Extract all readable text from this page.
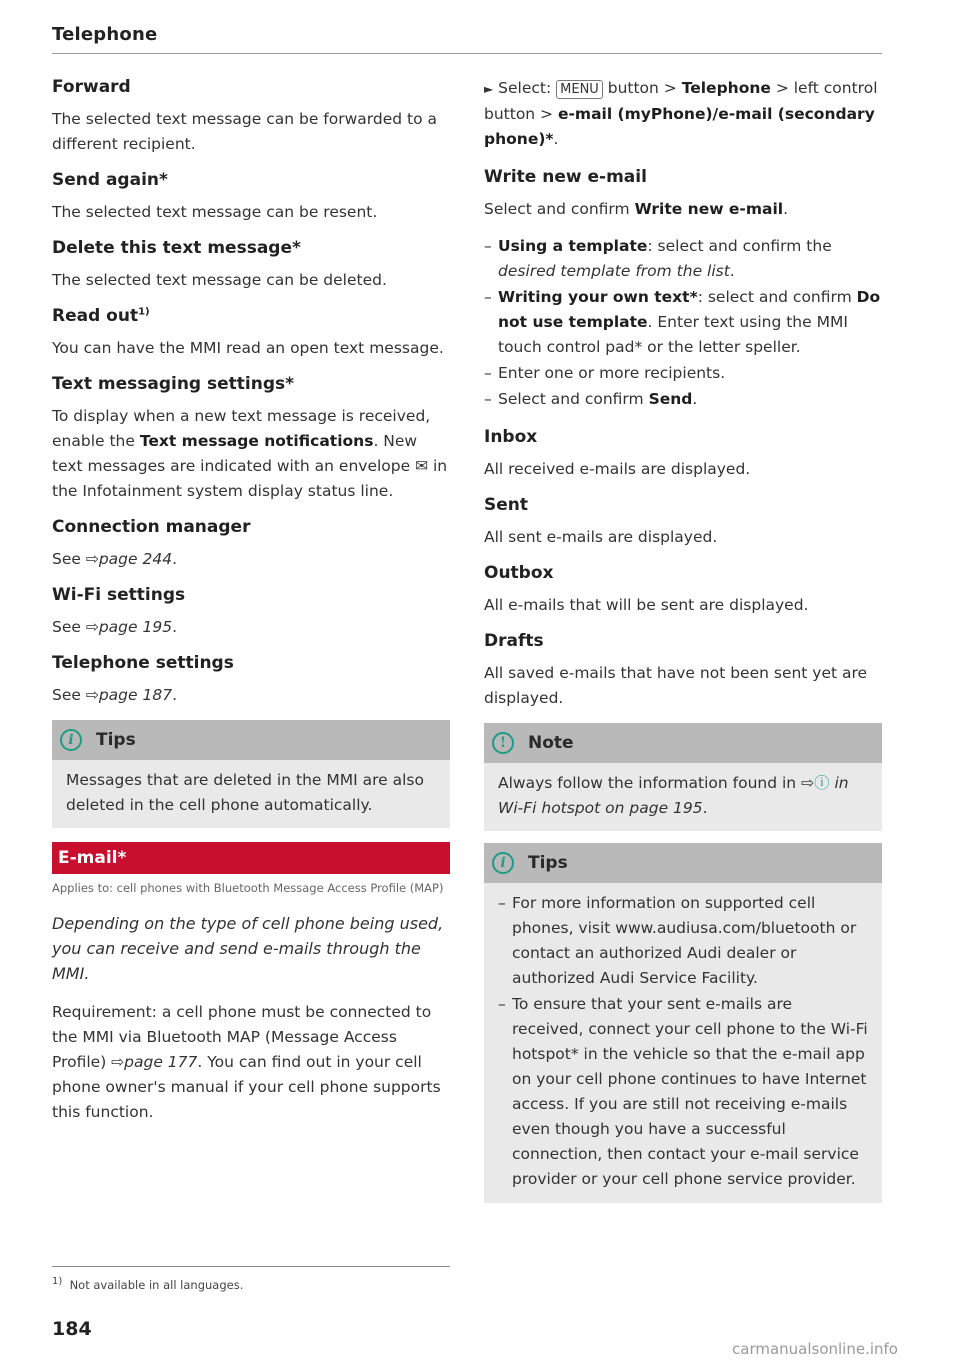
Telephone
Forward

The selected text message can be forwarded to a different recipient.

Send again*

The selected text message can be resent.

Delete this text message*

The selected text message can be deleted.

Read out$^{1)}$

You can have the MMI read an open text message.

Text messaging settings*

To display when a new text message is received, enable the Text message notifications. New text messages are indicated with an envelope ✉ in the Infotainment system display status line.

Connection manager

See ⇨page 244.

Wi-Fi settings

See ⇨page 195.

Telephone settings

See ⇨page 187.

i	Tips
Messages that are deleted in the MMI are also deleted in the cell phone automatically.
E-mail*
Applies to: cell phones with Bluetooth Message Access Profile (MAP)
Depending on the type of cell phone being used, you can receive and send e-mails through the MMI.

Requirement: a cell phone must be connected to the MMI via Bluetooth MAP (Message Access Profile) ⇨page 177. You can find out in your cell phone owner's manual if your cell phone supports this function.

► Select: MENU button > Telephone > left control button > e-mail (myPhone)/e-mail (secondary phone)*.

Write new e-mail

Select and confirm Write new e-mail.

– Using a template: select and confirm the desired template from the list.
– Writing your own text*: select and confirm Do not use template. Enter text using the MMI touch control pad* or the letter speller.
– Enter one or more recipients.
– Select and confirm Send.
Inbox

All received e-mails are displayed.

Sent

All sent e-mails are displayed.

Outbox

All e-mails that will be sent are displayed.

Drafts

All saved e-mails that have not been sent yet are displayed.

!	Note
Always follow the information found in ⇨ⓘ in Wi-Fi hotspot on page 195.
i	Tips
– For more information on supported cell phones, visit www.audiusa.com/bluetooth or contact an authorized Audi dealer or authorized Audi Service Facility.
– To ensure that your sent e-mails are received, connect your cell phone to the Wi-Fi hotspot* in the vehicle so that the e-mail app on your cell phone continues to have Internet access. If you are still not receiving e-mails even though you have a successful connection, then contact your e-mail service provider or your cell phone service provider.
$^{1)}$ Not available in all languages.
184
carmanualsonline.info
